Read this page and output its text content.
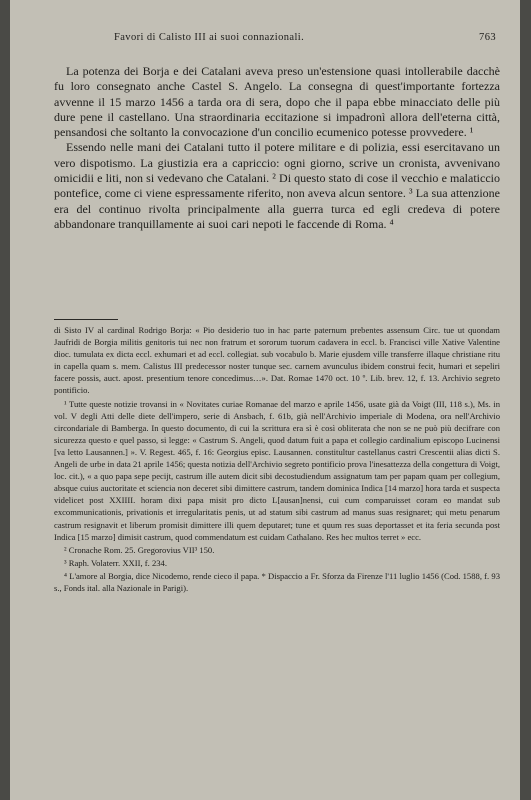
Favori di Calisto III ai suoi connazionali.	763

La potenza dei Borja e dei Catalani aveva preso un'estensione quasi intollerabile dacchè fu loro consegnato anche Castel S. Angelo. La consegna di quest'importante fortezza avvenne il 15 marzo 1456 a tarda ora di sera, dopo che il papa ebbe minacciato delle più dure pene il castellano. Una straordinaria eccitazione si impadronì allora dell'eterna città, pensandosi che soltanto la convocazione d'un concilio ecumenico potesse provvedere. ¹

Essendo nelle mani dei Catalani tutto il potere militare e di polizia, essi esercitavano un vero dispotismo. La giustizia era a capriccio: ogni giorno, scrive un cronista, avvenivano omicidii e liti, non si vedevano che Catalani. ² Di questo stato di cose il vecchio e malaticcio pontefice, come ci viene espressamente riferito, non aveva alcun sentore. ³ La sua attenzione era del continuo rivolta principalmente alla guerra turca ed egli credeva di potere abbandonare tranquillamente ai suoi cari nepoti le faccende di Roma. ⁴

di Sisto IV al cardinal Rodrigo Borja: « Pio desiderio tuo in hac parte paternum prebentes assensum Circ. tue ut quondam Jaufridi de Borgia militis genitoris tui nec non fratrum et sororum tuorum cadavera in eccl. b. Francisci ville Xative Valentine dioc. tumulata ex dicta eccl. exhumari et ad eccl. collegiat. sub vocabulo b. Marie ejusdem ville transferre illaque christiane ritu in capella quam s. mem. Calistus III predecessor noster tunque sec. carnem avunculus ibidem construi fecit, humari et sepeliri facere possis, auct. apost. presentium tenore concedimus…». Dat. Romae 1470 oct. 10 º. Lib. brev. 12, f. 13. Archivio segreto pontificio.

¹ Tutte queste notizie trovansi in « Novitates curiae Romanae del marzo e aprile 1456, usate già da Voigt (III, 118 s.), Ms. in vol. V degli Atti delle diete dell'impero, serie di Ansbach, f. 61b, già nell'Archivio imperiale di Modena, ora nell'Archivio circondariale di Bamberga. In questo documento, di cui la scrittura era sì è così obliterata che non se ne può più decifrare con sicurezza questo e quel passo, si legge: « Castrum S. Angeli, quod datum fuit a papa et collegio cardinalium episcopo Lucinensi [va letto Lausannen.] ». V. Regest. 465, f. 16: Georgius episc. Lausannen. constitultur castellanus castri Crescentii alias dicti S. Angeli de urbe in data 21 aprile 1456; questa notizia dell'Archivio segreto pontificio prova l'inesattezza della congettura di Voigt, loc. cit.), « a quo papa sepe pecijt, castrum ille autem dicit sibi decostudiendum assignatum tam per papam quam per collegium, absque cuius auctoritate et sciencia non deceret sibi dimittere castrum, tandem dominica Indica [14 marzo] hora tarda et suspecta videlicet post XXIIII. horam dixi papa misit pro dicto L[ausan]nensi, cui cum comparuisset coram eo mandat sub excommunicationis, privationis et irregularitatis penis, ut ad statum sibi castrum ad manus suas resignaret; qui metu penarum castrum resignavit et liberum promisit dimittere illi quem deputaret; tune et quum res suas deportasset et ita feria secunda post Indica [15 marzo] dimisit castrum, quod commendatum est cuidam Cathalano. Res hec multos terret » ecc.

² Cronache Rom. 25. Gregorovius VII³ 150.

³ Raph. Volaterr. XXII, f. 234.

⁴ L'amore al Borgia, dice Nicodemo, rende cieco il papa. * Dispaccio a Fr. Sforza da Firenze l'11 luglio 1456 (Cod. 1588, f. 93 s., Fonds ital. alla Nazionale in Parigi).
